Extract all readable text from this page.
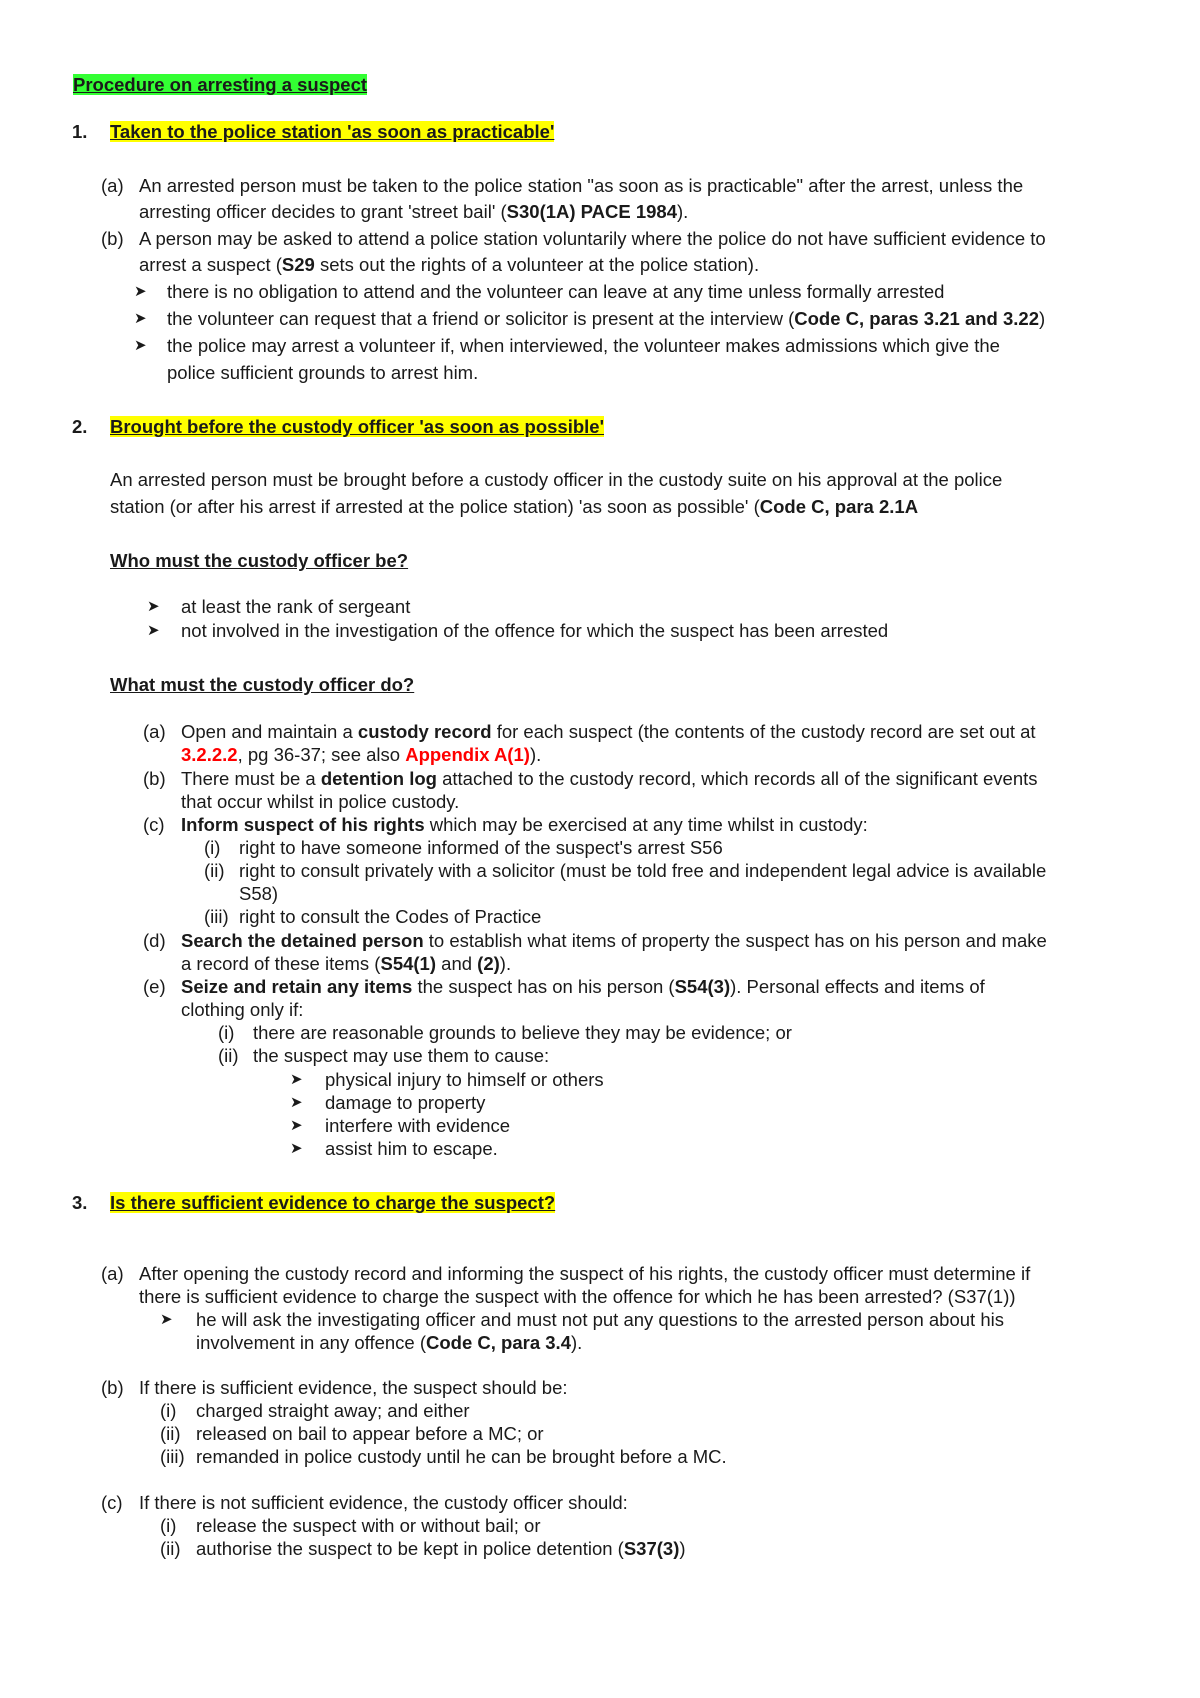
Procedure on arresting a suspect
1. Taken to the police station 'as soon as practicable'
(a) An arrested person must be taken to the police station "as soon as is practicable" after the arrest, unless the
arresting officer decides to grant 'street bail' (S30(1A) PACE 1984).
(b) A person may be asked to attend a police station voluntarily where the police do not have sufficient evidence to
arrest a suspect (S29 sets out the rights of a volunteer at the police station).
➤ there is no obligation to attend and the volunteer can leave at any time unless formally arrested
➤ the volunteer can request that a friend or solicitor is present at the interview (Code C, paras 3.21 and 3.22)
➤ the police may arrest a volunteer if, when interviewed, the volunteer makes admissions which give the
police sufficient grounds to arrest him.
2. Brought before the custody officer 'as soon as possible'
An arrested person must be brought before a custody officer in the custody suite on his approval at the police
station (or after his arrest if arrested at the police station) 'as soon as possible' (Code C, para 2.1A
Who must the custody officer be?
➤ at least the rank of sergeant
➤ not involved in the investigation of the offence for which the suspect has been arrested
What must the custody officer do?
(a) Open and maintain a custody record for each suspect (the contents of the custody record are set out at
3.2.2.2, pg 36-37; see also Appendix A(1)).
(b) There must be a detention log attached to the custody record, which records all of the significant events
that occur whilst in police custody.
(c) Inform suspect of his rights which may be exercised at any time whilst in custody:
(i) right to have someone informed of the suspect's arrest S56
(ii) right to consult privately with a solicitor (must be told free and independent legal advice is available
S58)
(iii) right to consult the Codes of Practice
(d) Search the detained person to establish what items of property the suspect has on his person and make
a record of these items (S54(1) and (2)).
(e) Seize and retain any items the suspect has on his person (S54(3)). Personal effects and items of
clothing only if:
(i) there are reasonable grounds to believe they may be evidence; or
(ii) the suspect may use them to cause:
➤ physical injury to himself or others
➤ damage to property
➤ interfere with evidence
➤ assist him to escape.
3. Is there sufficient evidence to charge the suspect?
(a) After opening the custody record and informing the suspect of his rights, the custody officer must determine if
there is sufficient evidence to charge the suspect with the offence for which he has been arrested? (S37(1))
➤ he will ask the investigating officer and must not put any questions to the arrested person about his
involvement in any offence (Code C, para 3.4).
(b) If there is sufficient evidence, the suspect should be:
(i) charged straight away; and either
(ii) released on bail to appear before a MC; or
(iii) remanded in police custody until he can be brought before a MC.
(c) If there is not sufficient evidence, the custody officer should:
(i) release the suspect with or without bail; or
(ii) authorise the suspect to be kept in police detention (S37(3))
